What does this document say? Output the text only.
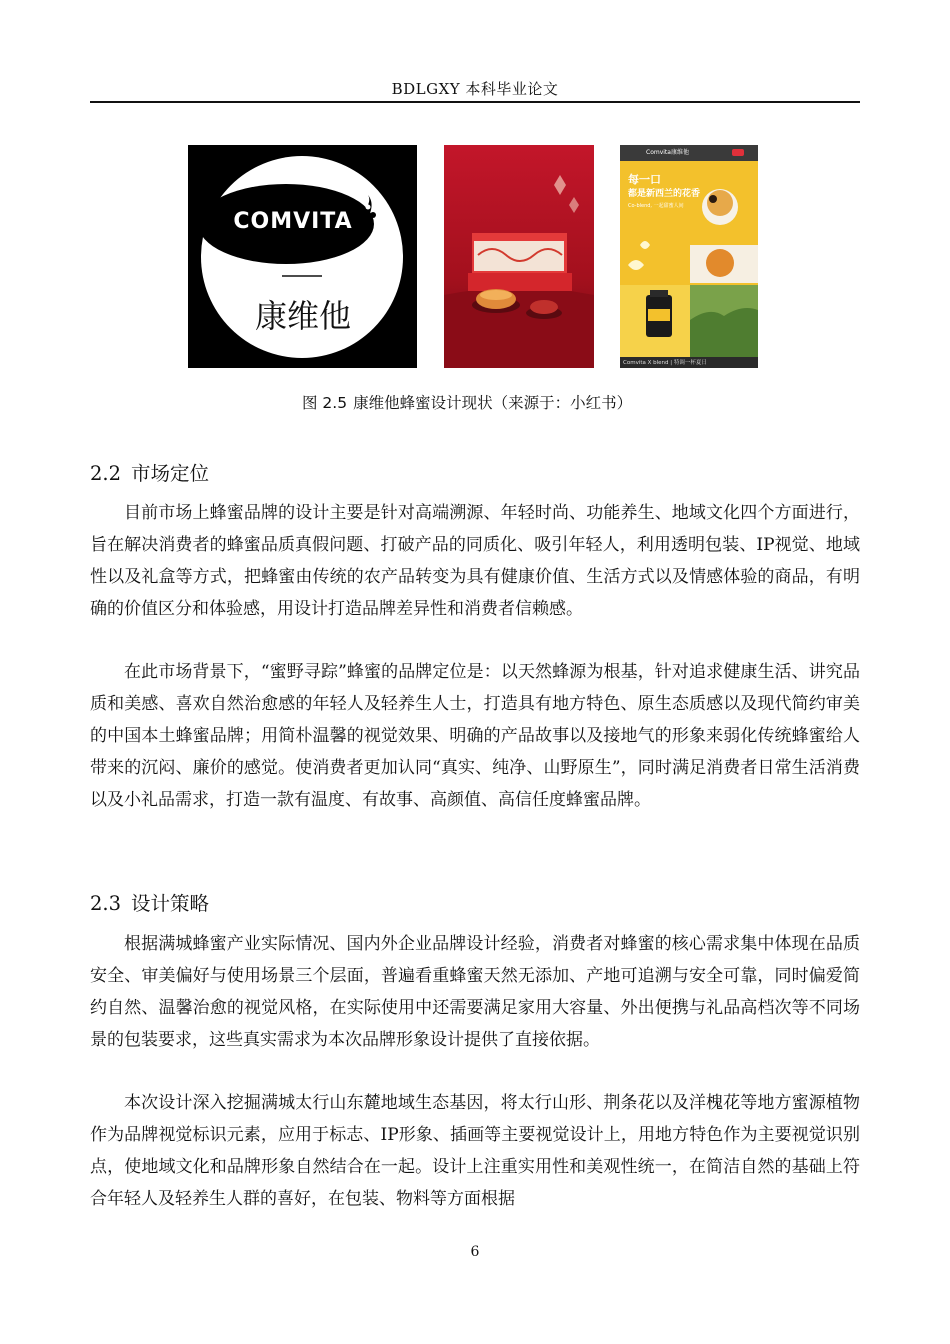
BDLGXY 本科毕业论文
COMVITA
康维他
Comvita康维他
每一口
都是新西兰的花香
Co-blend, 一起甜蜜人间
Comvita X blend | 特调一杯夏日
图 2.5 康维他蜂蜜设计现状（来源于：小红书）
2.2 市场定位

目前市场上蜂蜜品牌的设计主要是针对高端溯源、年轻时尚、功能养生、地域文化四个方面进行，旨在解决消费者的蜂蜜品质真假问题、打破产品的同质化、吸引年轻人，利用透明包装、IP视觉、地域性以及礼盒等方式，把蜂蜜由传统的农产品转变为具有健康价值、生活方式以及情感体验的商品，有明确的价值区分和体验感，用设计打造品牌差异性和消费者信赖感。

在此市场背景下，“蜜野寻踪”蜂蜜的品牌定位是：以天然蜂源为根基，针对追求健康生活、讲究品质和美感、喜欢自然治愈感的年轻人及轻养生人士，打造具有地方特色、原生态质感以及现代简约审美的中国本土蜂蜜品牌；用简朴温馨的视觉效果、明确的产品故事以及接地气的形象来弱化传统蜂蜜给人带来的沉闷、廉价的感觉。使消费者更加认同“真实、纯净、山野原生”，同时满足消费者日常生活消费以及小礼品需求，打造一款有温度、有故事、高颜值、高信任度蜂蜜品牌。

2.3 设计策略

根据满城蜂蜜产业实际情况、国内外企业品牌设计经验，消费者对蜂蜜的核心需求集中体现在品质安全、审美偏好与使用场景三个层面，普遍看重蜂蜜天然无添加、产地可追溯与安全可靠，同时偏爱简约自然、温馨治愈的视觉风格，在实际使用中还需要满足家用大容量、外出便携与礼品高档次等不同场景的包装要求，这些真实需求为本次品牌形象设计提供了直接依据。

本次设计深入挖掘满城太行山东麓地域生态基因，将太行山形、荆条花以及洋槐花等地方蜜源植物作为品牌视觉标识元素，应用于标志、IP形象、插画等主要视觉设计上，用地方特色作为主要视觉识别点，使地域文化和品牌形象自然结合在一起。设计上注重实用性和美观性统一，在简洁自然的基础上符合年轻人及轻养生人群的喜好，在包装、物料等方面根据

6
